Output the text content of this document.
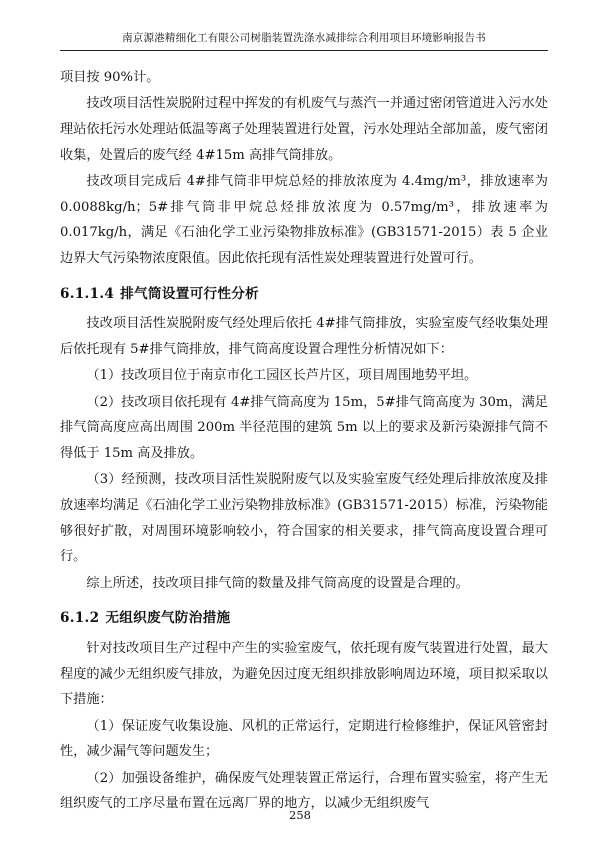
南京源港精细化工有限公司树脂装置洗涤水减排综合利用项目环境影响报告书

项目按 90%计。

技改项目活性炭脱附过程中挥发的有机废气与蒸汽一并通过密闭管道进入污水处理站依托污水处理站低温等离子处理装置进行处置，污水处理站全部加盖，废气密闭收集，处置后的废气经 4#15m 高排气筒排放。

技改项目完成后 4#排气筒非甲烷总烃的排放浓度为 4.4mg/m³，排放速率为 0.0088kg/h；5#排气筒非甲烷总烃排放浓度为 0.57mg/m³，排放速率为 0.017kg/h，满足《石油化学工业污染物排放标准》(GB31571-2015）表 5 企业边界大气污染物浓度限值。因此依托现有活性炭处理装置进行处置可行。

6.1.1.4 排气筒设置可行性分析

技改项目活性炭脱附废气经处理后依托 4#排气筒排放，实验室废气经收集处理后依托现有 5#排气筒排放，排气筒高度设置合理性分析情况如下：

（1）技改项目位于南京市化工园区长芦片区，项目周围地势平坦。

（2）技改项目依托现有 4#排气筒高度为 15m，5#排气筒高度为 30m，满足排气筒高度应高出周围 200m 半径范围的建筑 5m 以上的要求及新污染源排气筒不得低于 15m 高及排放。

（3）经预测，技改项目活性炭脱附废气以及实验室废气经处理后排放浓度及排放速率均满足《石油化学工业污染物排放标准》(GB31571-2015）标准，污染物能够很好扩散，对周围环境影响较小，符合国家的相关要求，排气筒高度设置合理可行。

综上所述，技改项目排气筒的数量及排气筒高度的设置是合理的。

6.1.2 无组织废气防治措施

针对技改项目生产过程中产生的实验室废气，依托现有废气装置进行处置，最大程度的减少无组织废气排放，为避免因过度无组织排放影响周边环境，项目拟采取以下措施：

（1）保证废气收集设施、风机的正常运行，定期进行检修维护，保证风管密封性，减少漏气等问题发生；

（2）加强设备维护，确保废气处理装置正常运行，合理布置实验室，将产生无组织废气的工序尽量布置在远离厂界的地方，以减少无组织废气

258
